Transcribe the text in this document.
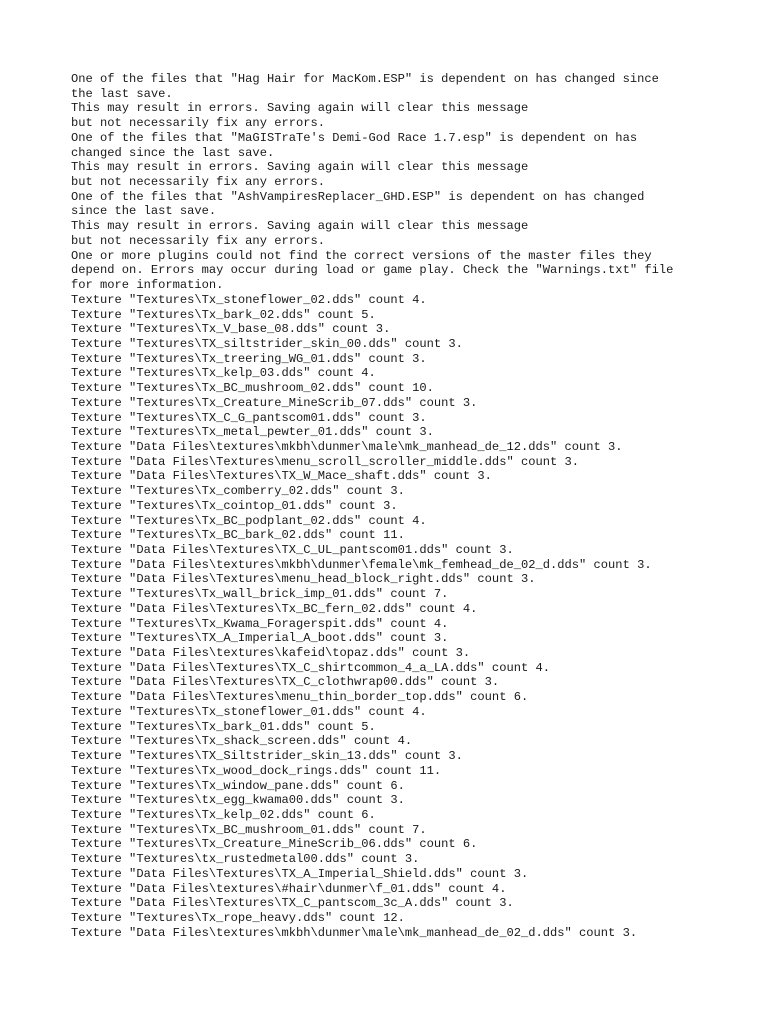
One of the files that "Hag Hair for MacKom.ESP" is dependent on has changed since
the last save.
This may result in errors. Saving again will clear this message
but not necessarily fix any errors.
One of the files that "MaGISTraTe's Demi-God Race 1.7.esp" is dependent on has
changed since the last save.
This may result in errors. Saving again will clear this message
but not necessarily fix any errors.
One of the files that "AshVampiresReplacer_GHD.ESP" is dependent on has changed
since the last save.
This may result in errors. Saving again will clear this message
but not necessarily fix any errors.
One or more plugins could not find the correct versions of the master files they
depend on. Errors may occur during load or game play. Check the "Warnings.txt" file
for more information.
Texture "Textures\Tx_stoneflower_02.dds" count 4.
Texture "Textures\Tx_bark_02.dds" count 5.
Texture "Textures\Tx_V_base_08.dds" count 3.
Texture "Textures\TX_siltstrider_skin_00.dds" count 3.
Texture "Textures\Tx_treering_WG_01.dds" count 3.
Texture "Textures\Tx_kelp_03.dds" count 4.
Texture "Textures\Tx_BC_mushroom_02.dds" count 10.
Texture "Textures\Tx_Creature_MineScrib_07.dds" count 3.
Texture "Textures\TX_C_G_pantscom01.dds" count 3.
Texture "Textures\Tx_metal_pewter_01.dds" count 3.
Texture "Data Files\textures\mkbh\dunmer\male\mk_manhead_de_12.dds" count 3.
Texture "Data Files\Textures\menu_scroll_scroller_middle.dds" count 3.
Texture "Data Files\Textures\TX_W_Mace_shaft.dds" count 3.
Texture "Textures\Tx_comberry_02.dds" count 3.
Texture "Textures\Tx_cointop_01.dds" count 3.
Texture "Textures\Tx_BC_podplant_02.dds" count 4.
Texture "Textures\Tx_BC_bark_02.dds" count 11.
Texture "Data Files\Textures\TX_C_UL_pantscom01.dds" count 3.
Texture "Data Files\textures\mkbh\dunmer\female\mk_femhead_de_02_d.dds" count 3.
Texture "Data Files\Textures\menu_head_block_right.dds" count 3.
Texture "Textures\Tx_wall_brick_imp_01.dds" count 7.
Texture "Data Files\Textures\Tx_BC_fern_02.dds" count 4.
Texture "Textures\Tx_Kwama_Foragerspit.dds" count 4.
Texture "Textures\TX_A_Imperial_A_boot.dds" count 3.
Texture "Data Files\textures\kafeid\topaz.dds" count 3.
Texture "Data Files\Textures\TX_C_shirtcommon_4_a_LA.dds" count 4.
Texture "Data Files\Textures\TX_C_clothwrap00.dds" count 3.
Texture "Data Files\Textures\menu_thin_border_top.dds" count 6.
Texture "Textures\Tx_stoneflower_01.dds" count 4.
Texture "Textures\Tx_bark_01.dds" count 5.
Texture "Textures\Tx_shack_screen.dds" count 4.
Texture "Textures\TX_Siltstrider_skin_13.dds" count 3.
Texture "Textures\Tx_wood_dock_rings.dds" count 11.
Texture "Textures\Tx_window_pane.dds" count 6.
Texture "Textures\tx_egg_kwama00.dds" count 3.
Texture "Textures\Tx_kelp_02.dds" count 6.
Texture "Textures\Tx_BC_mushroom_01.dds" count 7.
Texture "Textures\Tx_Creature_MineScrib_06.dds" count 6.
Texture "Textures\tx_rustedmetal00.dds" count 3.
Texture "Data Files\Textures\TX_A_Imperial_Shield.dds" count 3.
Texture "Data Files\textures\#hair\dunmer\f_01.dds" count 4.
Texture "Data Files\Textures\TX_C_pantscom_3c_A.dds" count 3.
Texture "Textures\Tx_rope_heavy.dds" count 12.
Texture "Data Files\textures\mkbh\dunmer\male\mk_manhead_de_02_d.dds" count 3.
